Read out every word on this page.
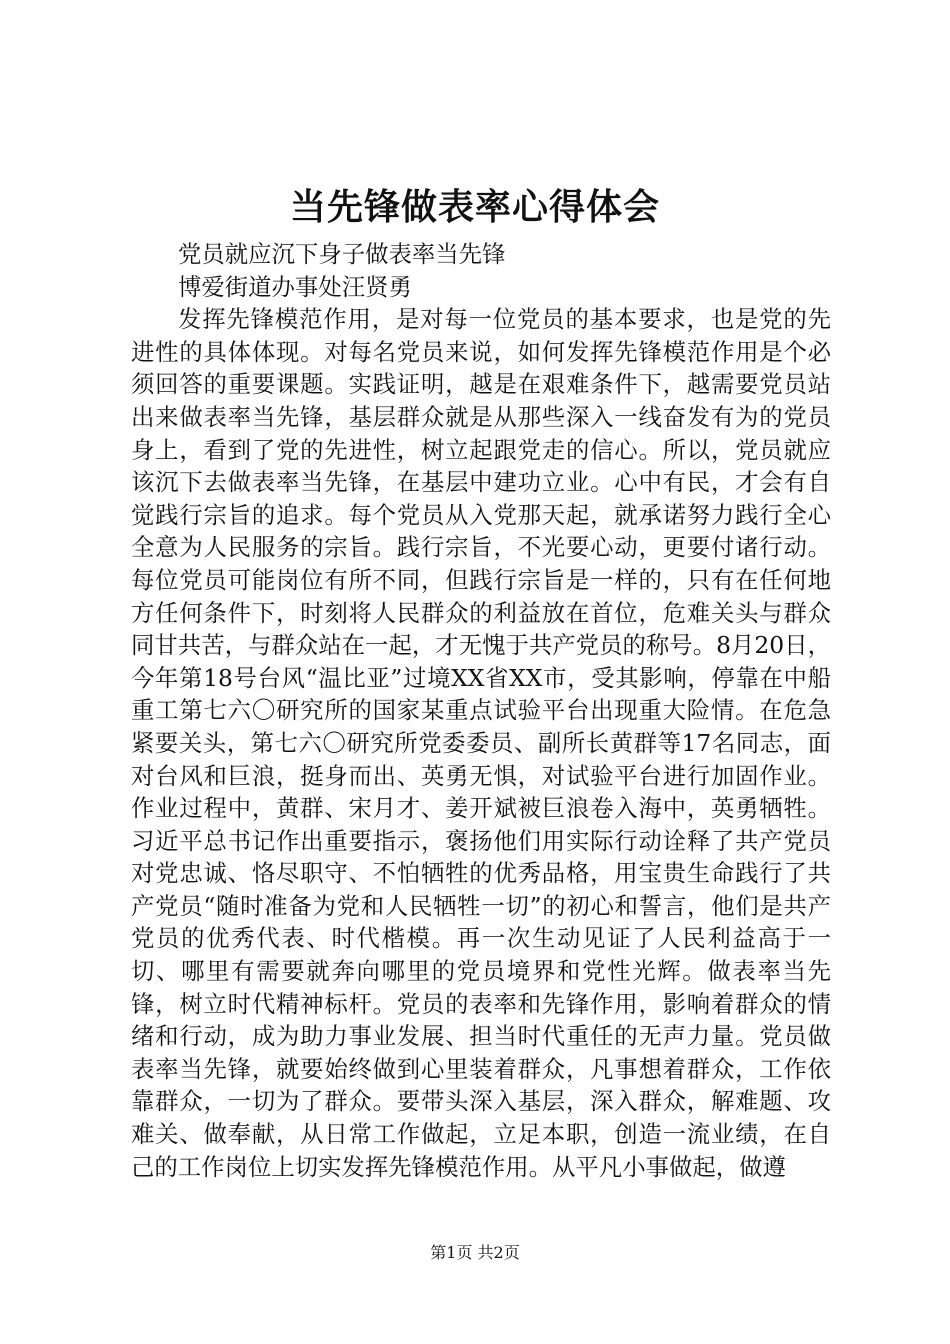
当先锋做表率心得体会

党员就应沉下身子做表率当先锋

博爱街道办事处汪贤勇

发挥先锋模范作用，是对每一位党员的基本要求，也是党的先进性的具体体现。对每名党员来说，如何发挥先锋模范作用是个必须回答的重要课题。实践证明，越是在艰难条件下，越需要党员站出来做表率当先锋，基层群众就是从那些深入一线奋发有为的党员身上，看到了党的先进性，树立起跟党走的信心。所以，党员就应该沉下去做表率当先锋，在基层中建功立业。心中有民，才会有自觉践行宗旨的追求。每个党员从入党那天起，就承诺努力践行全心全意为人民服务的宗旨。践行宗旨，不光要心动，更要付诸行动。每位党员可能岗位有所不同，但践行宗旨是一样的，只有在任何地方任何条件下，时刻将人民群众的利益放在首位，危难关头与群众同甘共苦，与群众站在一起，才无愧于共产党员的称号。8月20日，今年第18号台风“温比亚”过境XX省XX市，受其影响，停靠在中船重工第七六〇研究所的国家某重点试验平台出现重大险情。在危急紧要关头，第七六〇研究所党委委员、副所长黄群等17名同志，面对台风和巨浪，挺身而出、英勇无惧，对试验平台进行加固作业。作业过程中，黄群、宋月才、姜开斌被巨浪卷入海中，英勇牺牲。习近平总书记作出重要指示，褒扬他们用实际行动诠释了共产党员对党忠诚、恪尽职守、不怕牺牲的优秀品格，用宝贵生命践行了共产党员“随时准备为党和人民牺牲一切”的初心和誓言，他们是共产党员的优秀代表、时代楷模。再一次生动见证了人民利益高于一切、哪里有需要就奔向哪里的党员境界和党性光辉。做表率当先锋，树立时代精神标杆。党员的表率和先锋作用，影响着群众的情绪和行动，成为助力事业发展、担当时代重任的无声力量。党员做表率当先锋，就要始终做到心里装着群众，凡事想着群众，工作依靠群众，一切为了群众。要带头深入基层，深入群众，解难题、攻难关、做奉献，从日常工作做起，立足本职，创造一流业绩，在自己的工作岗位上切实发挥先锋模范作用。从平凡小事做起，做遵

第1页 共2页
